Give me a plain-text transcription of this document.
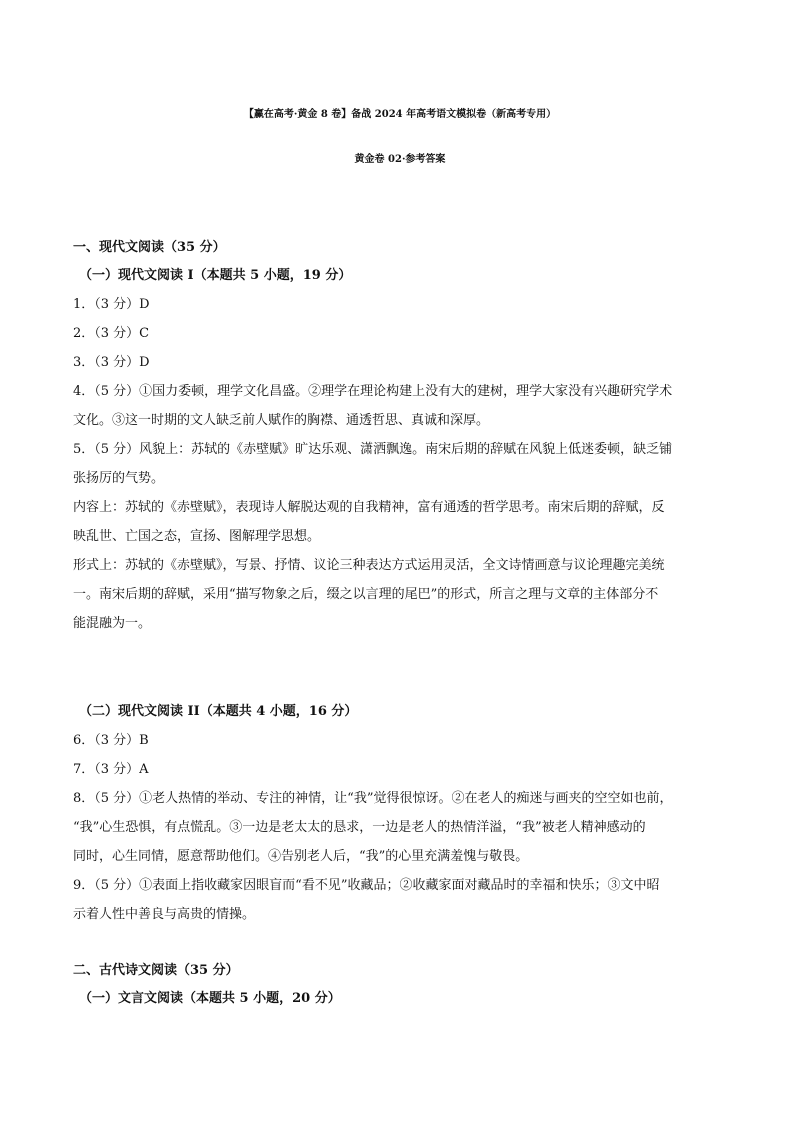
【赢在高考·黄金 8 卷】备战 2024 年高考语文模拟卷（新高考专用）
黄金卷 02·参考答案
一、现代文阅读（35 分）
（一）现代文阅读 I（本题共 5 小题，19 分）
1．（3 分）D
2．（3 分）C
3．（3 分）D
4．（5 分）①国力委顿，理学文化昌盛。②理学在理论构建上没有大的建树，理学大家没有兴趣研究学术
文化。③这一时期的文人缺乏前人赋作的胸襟、通透哲思、真诚和深厚。
5．（5 分）风貌上：苏轼的《赤壁赋》旷达乐观、潇洒飘逸。南宋后期的辞赋在风貌上低迷委顿，缺乏铺
张扬厉的气势。
内容上：苏轼的《赤壁赋》，表现诗人解脱达观的自我精神，富有通透的哲学思考。南宋后期的辞赋，反
映乱世、亡国之态，宣扬、图解理学思想。
形式上：苏轼的《赤壁赋》，写景、抒情、议论三种表达方式运用灵活，全文诗情画意与议论理趣完美统
一。南宋后期的辞赋，采用“描写物象之后，缀之以言理的尾巴”的形式，所言之理与文章的主体部分不
能混融为一。
（二）现代文阅读 II（本题共 4 小题，16 分）
6．（3 分）B
7．（3 分）A
8．（5 分）①老人热情的举动、专注的神情，让“我”觉得很惊讶。②在老人的痴迷与画夹的空空如也前，
“我”心生恐惧，有点慌乱。③一边是老太太的恳求，一边是老人的热情洋溢，“我”被老人精神感动的
同时，心生同情，愿意帮助他们。④告别老人后，“我”的心里充满羞愧与敬畏。
9．（5 分）①表面上指收藏家因眼盲而“看不见”收藏品；②收藏家面对藏品时的幸福和快乐；③文中昭
示着人性中善良与高贵的情操。
二、古代诗文阅读（35 分）
（一）文言文阅读（本题共 5 小题，20 分）
